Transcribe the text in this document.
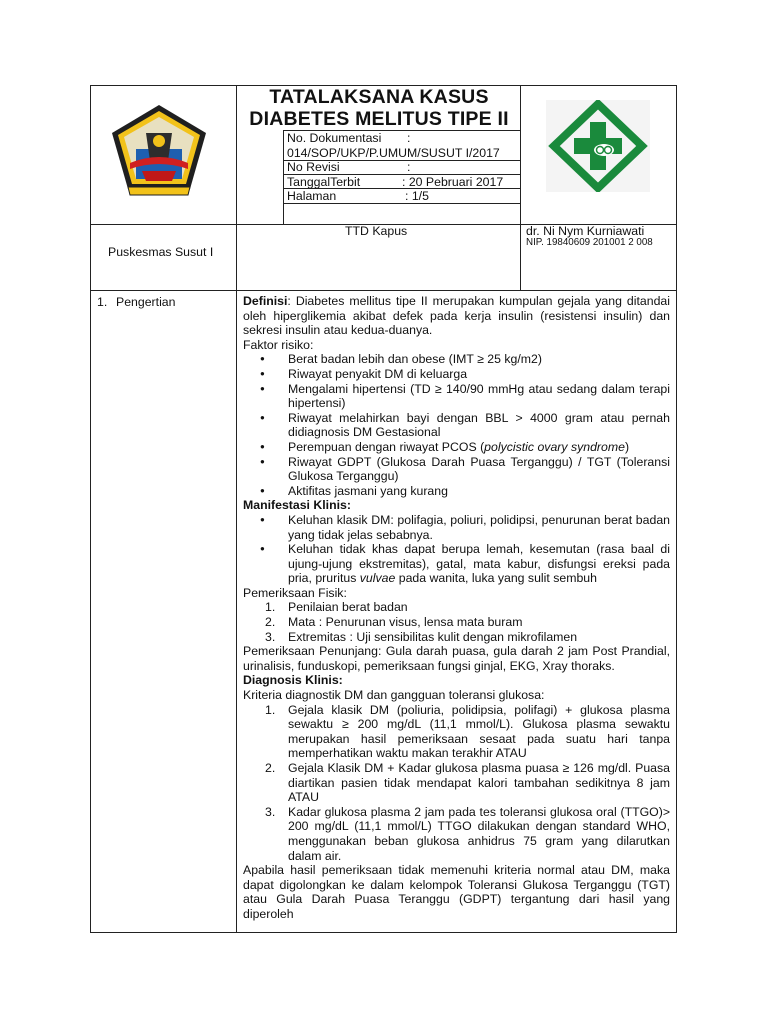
TATALAKSANA KASUS DIABETES MELITUS TIPE II
No. Dokumentasi :
014/SOP/UKP/P.UMUM/SUSUT I/2017
No Revisi	:
TanggalTerbit	: 20 Pebruari 2017
Halaman	: 1/5
Puskesmas Susut I
TTD Kapus	dr. Ni Nym Kurniawati
NIP. 19840609 201001 2 008
1. Pengertian	Definisi: Diabetes mellitus tipe II merupakan kumpulan gejala yang ditandai oleh hiperglikemia akibat defek pada kerja insulin (resistensi insulin) dan sekresi insulin atau kedua-duanya.

Faktor risiko:

● Berat badan lebih dan obese (IMT ≥ 25 kg/m2)
● Riwayat penyakit DM di keluarga
● Mengalami hipertensi (TD ≥ 140/90 mmHg atau sedang dalam terapi hipertensi)
● Riwayat melahirkan bayi dengan BBL > 4000 gram atau pernah didiagnosis DM Gestasional
● Perempuan dengan riwayat PCOS (polycistic ovary syndrome)
● Riwayat GDPT (Glukosa Darah Puasa Terganggu) / TGT (Toleransi Glukosa Terganggu)
● Aktifitas jasmani yang kurang

Manifestasi Klinis:

● Keluhan klasik DM: polifagia, poliuri, polidipsi, penurunan berat badan yang tidak jelas sebabnya.
● Keluhan tidak khas dapat berupa lemah, kesemutan (rasa baal di ujung-ujung ekstremitas), gatal, mata kabur, disfungsi ereksi pada pria, pruritus vulvae pada wanita, luka yang sulit sembuh

Pemeriksaan Fisik:

1. Penilaian berat badan
2. Mata : Penurunan visus, lensa mata buram
3. Extremitas : Uji sensibilitas kulit dengan mikrofilamen

Pemeriksaan Penunjang: Gula darah puasa, gula darah 2 jam Post Prandial, urinalisis, funduskopi, pemeriksaan fungsi ginjal, EKG, Xray thoraks.

Diagnosis Klinis:

Kriteria diagnostik DM dan gangguan toleransi glukosa:

1. Gejala klasik DM (poliuria, polidipsia, polifagi) + glukosa plasma sewaktu ≥ 200 mg/dL (11,1 mmol/L). Glukosa plasma sewaktu merupakan hasil pemeriksaan sesaat pada suatu hari tanpa memperhatikan waktu makan terakhir ATAU
2. Gejala Klasik DM + Kadar glukosa plasma puasa ≥ 126 mg/dl. Puasa diartikan pasien tidak mendapat kalori tambahan sedikitnya 8 jam ATAU
3. Kadar glukosa plasma 2 jam pada tes toleransi glukosa oral (TTGO)> 200 mg/dL (11,1 mmol/L) TTGO dilakukan dengan standard WHO, menggunakan beban glukosa anhidrus 75 gram yang dilarutkan dalam air.

Apabila hasil pemeriksaan tidak memenuhi kriteria normal atau DM, maka dapat digolongkan ke dalam kelompok Toleransi Glukosa Terganggu (TGT) atau Gula Darah Puasa Teranggu (GDPT) tergantung dari hasil yang diperoleh
